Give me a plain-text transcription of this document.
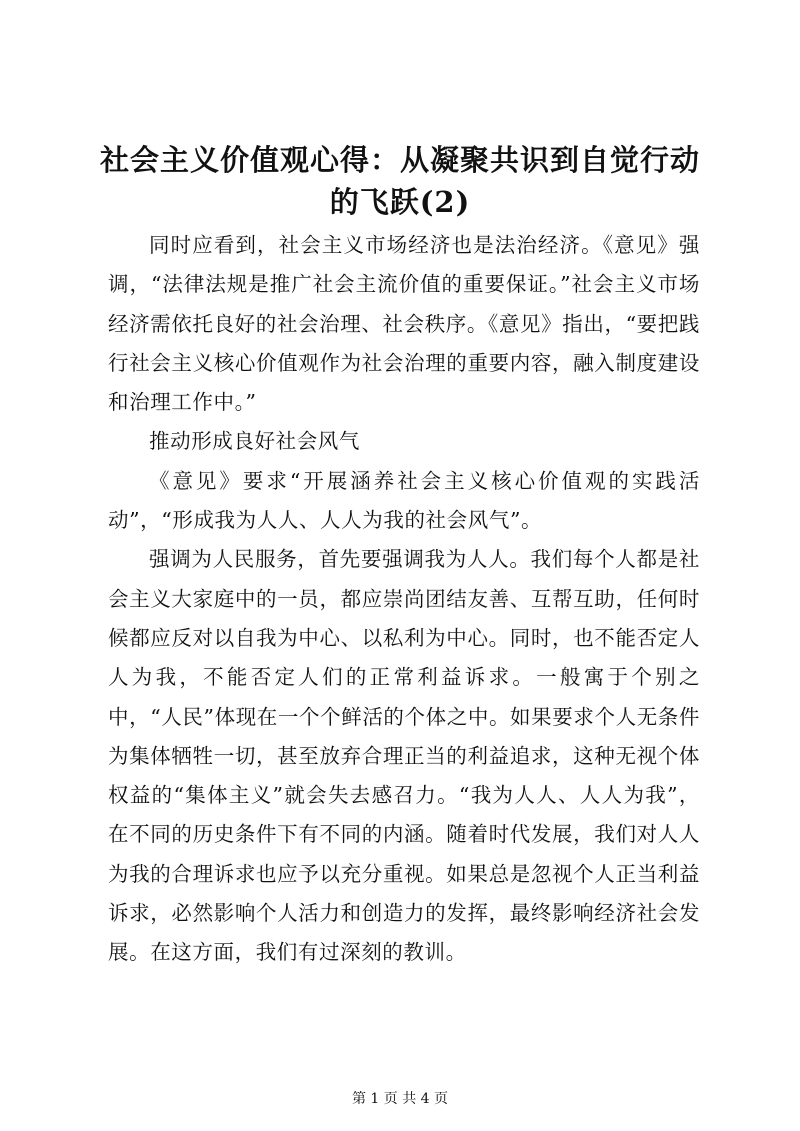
社会主义价值观心得：从凝聚共识到自觉行动
的飞跃(2)

同时应看到，社会主义市场经济也是法治经济。《意见》强调，“法律法规是推广社会主流价值的重要保证。”社会主义市场经济需依托良好的社会治理、社会秩序。《意见》指出，“要把践行社会主义核心价值观作为社会治理的重要内容，融入制度建设和治理工作中。”

推动形成良好社会风气

《意见》要求“开展涵养社会主义核心价值观的实践活动”，“形成我为人人、人人为我的社会风气”。

强调为人民服务，首先要强调我为人人。我们每个人都是社会主义大家庭中的一员，都应崇尚团结友善、互帮互助，任何时候都应反对以自我为中心、以私利为中心。同时，也不能否定人人为我，不能否定人们的正常利益诉求。一般寓于个别之中，“人民”体现在一个个鲜活的个体之中。如果要求个人无条件为集体牺牲一切，甚至放弃合理正当的利益追求，这种无视个体权益的“集体主义”就会失去感召力。“我为人人、人人为我”，在不同的历史条件下有不同的内涵。随着时代发展，我们对人人为我的合理诉求也应予以充分重视。如果总是忽视个人正当利益诉求，必然影响个人活力和创造力的发挥，最终影响经济社会发展。在这方面，我们有过深刻的教训。

第 1 页 共 4 页
